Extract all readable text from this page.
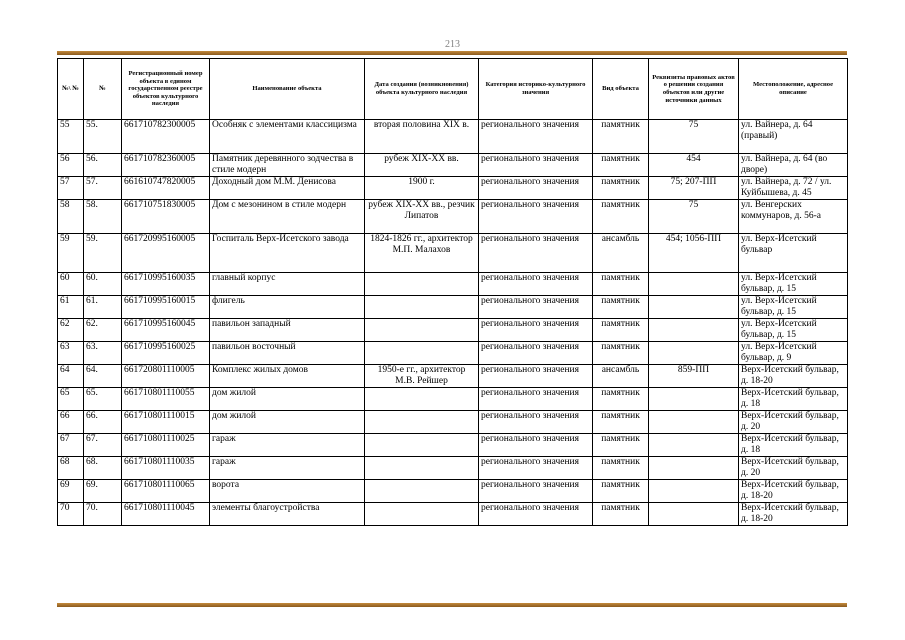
213
№\ №	№	Регистрационный номер объекта в едином государственном реестре объектов культурного наследия	Наименование объекта	Дата создания (возникновения) объекта культурного наследия	Категория историко-культурного значения	Вид объекта	Реквизиты правовых актов о решении создания объектов или другие источники данных	Местоположение, адресное описание
55	55.	661710782300005	Особняк с элементами классицизма	вторая половина XIX в.	регионального значения	памятник	75	ул. Вайнера, д. 64 (правый)
56	56.	661710782360005	Памятник деревянного зодчества в стиле модерн	рубеж XIX-XX вв.	регионального значения	памятник	454	ул. Вайнера, д. 64 (во дворе)
57	57.	661610747820005	Доходный дом М.М. Денисова	1900 г.	регионального значения	памятник	75; 207-ПП	ул. Вайнера, д. 72 / ул. Куйбышева, д. 45
58	58.	661710751830005	Дом с мезонином в стиле модерн	рубеж XIX-XX вв., резчик Липатов	регионального значения	памятник	75	ул. Венгерских коммунаров, д. 56-а
59	59.	661720995160005	Госпиталь Верх-Исетского завода	1824-1826 гг., архитектор М.П. Малахов	регионального значения	ансамбль	454; 1056-ПП	ул. Верх-Исетский бульвар
60	60.	661710995160035	главный корпус		регионального значения	памятник		ул. Верх-Исетский бульвар, д. 15
61	61.	661710995160015	флигель		регионального значения	памятник		ул. Верх-Исетский бульвар, д. 15
62	62.	661710995160045	павильон западный		регионального значения	памятник		ул. Верх-Исетский бульвар, д. 15
63	63.	661710995160025	павильон восточный		регионального значения	памятник		ул. Верх-Исетский бульвар, д. 9
64	64.	661720801110005	Комплекс жилых домов	1950-е гг., архитектор М.В. Рейшер	регионального значения	ансамбль	859-ПП	Верх-Исетский бульвар, д. 18-20
65	65.	661710801110055	дом жилой		регионального значения	памятник		Верх-Исетский бульвар, д. 18
66	66.	661710801110015	дом жилой		регионального значения	памятник		Верх-Исетский бульвар, д. 20
67	67.	661710801110025	гараж		регионального значения	памятник		Верх-Исетский бульвар, д. 18
68	68.	661710801110035	гараж		регионального значения	памятник		Верх-Исетский бульвар, д. 20
69	69.	661710801110065	ворота		регионального значения	памятник		Верх-Исетский бульвар, д. 18-20
70	70.	661710801110045	элементы благоустройства		регионального значения	памятник		Верх-Исетский бульвар, д. 18-20
